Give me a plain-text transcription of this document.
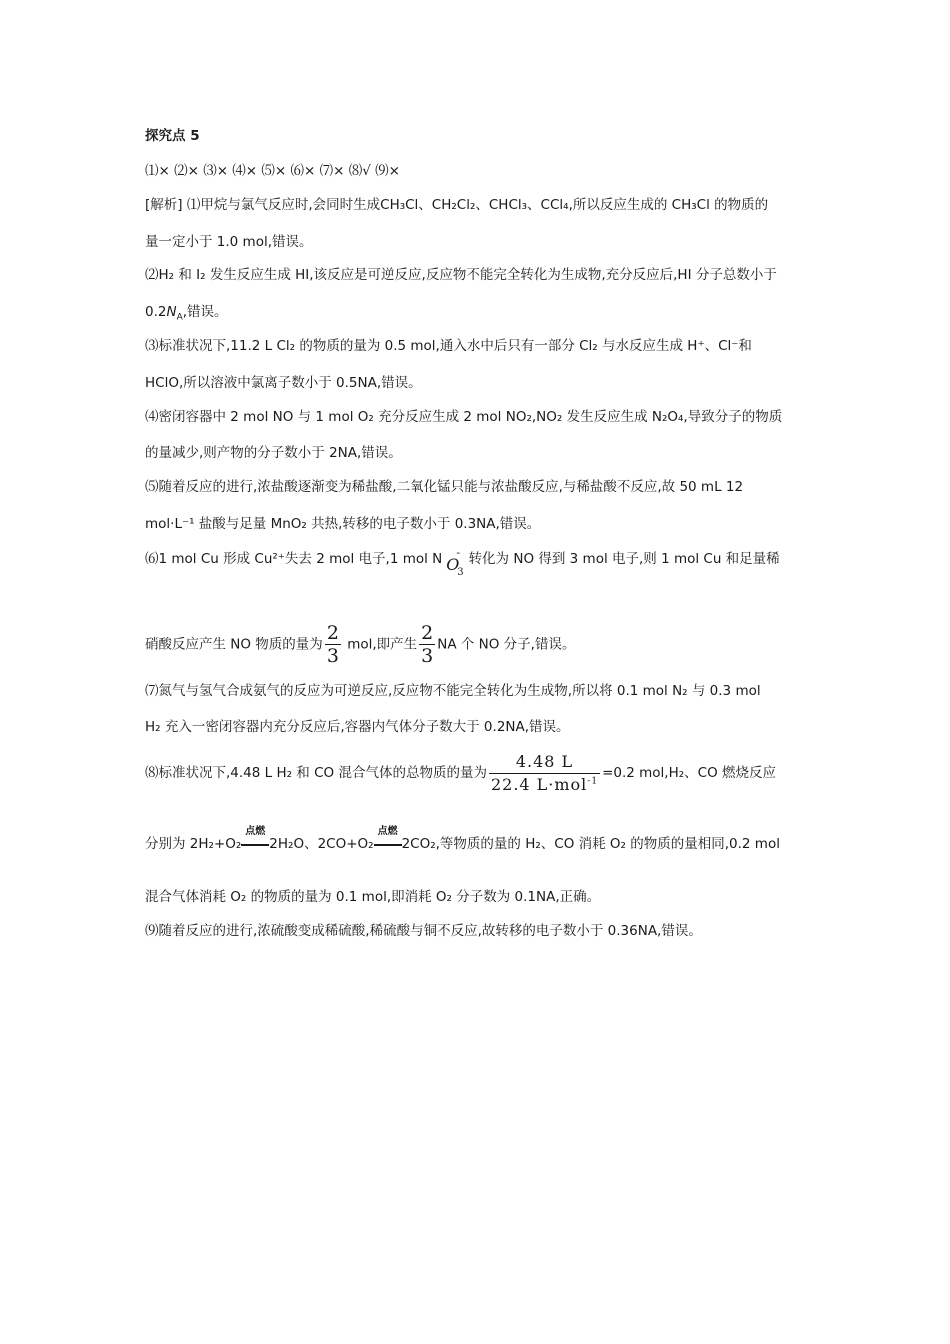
探究点 5
⑴× ⑵× ⑶× ⑷× ⑸× ⑹× ⑺× ⑻√ ⑼×
[解析] ⑴甲烷与氯气反应时,会同时生成CH₃Cl、CH₂Cl₂、CHCl₃、CCl₄,所以反应生成的 CH₃Cl 的物质的
量一定小于 1.0 mol,错误。
⑵H₂ 和 I₂ 发生反应生成 HI,该反应是可逆反应,反应物不能完全转化为生成物,充分反应后,HI 分子总数小于
$0.2N_A$,错误。
⑶标准状况下,11.2 L Cl₂ 的物质的量为 0.5 mol,通入水中后只有一部分 Cl₂ 与水反应生成 H⁺、Cl⁻和
HClO,所以溶液中氯离子数小于 0.5NA,错误。
⑷密闭容器中 2 mol NO 与 1 mol O₂ 充分反应生成 2 mol NO₂,NO₂ 发生反应生成 N₂O₄,导致分子的物质
的量减少,则产物的分子数小于 2NA,错误。
⑸随着反应的进行,浓盐酸逐渐变为稀盐酸,二氧化锰只能与浓盐酸反应,与稀盐酸不反应,故 50 mL 12
mol·L⁻¹ 盐酸与足量 MnO₂ 共热,转移的电子数小于 0.3NA,错误。
⑹1 mol Cu 形成 Cu²⁺失去 2 mol 电子,1 mol N O
3
- 转化为 NO 得到 3 mol 电子,则 1 mol Cu 和足量稀
硝酸反应产生 NO 物质的量为 $\frac{2}{3}$ mol,即产生 $\frac{2}{3}$ NA 个 NO 分子,错误。
⑺氮气与氢气合成氨气的反应为可逆反应,反应物不能完全转化为生成物,所以将 0.1 mol N₂ 与 0.3 mol
H₂ 充入一密闭容器内充分反应后,容器内气体分子数大于 0.2NA,错误。
⑻标准状况下,4.48 L H₂ 和 CO 混合气体的总物质的量为 $\frac{4.48 L}{22.4 L\cdot mol^{-1}} =0.2$ mol,H₂、CO 燃烧反应
分别为 2H₂+O₂
点燃
2H₂O、2CO+O₂
点燃
2CO₂,等物质的量的 H₂、CO 消耗 O₂ 的物质的量相同,0.2 mol
混合气体消耗 O₂ 的物质的量为 0.1 mol,即消耗 O₂ 分子数为 0.1NA,正确。
⑼随着反应的进行,浓硫酸变成稀硫酸,稀硫酸与铜不反应,故转移的电子数小于 0.36NA,错误。
